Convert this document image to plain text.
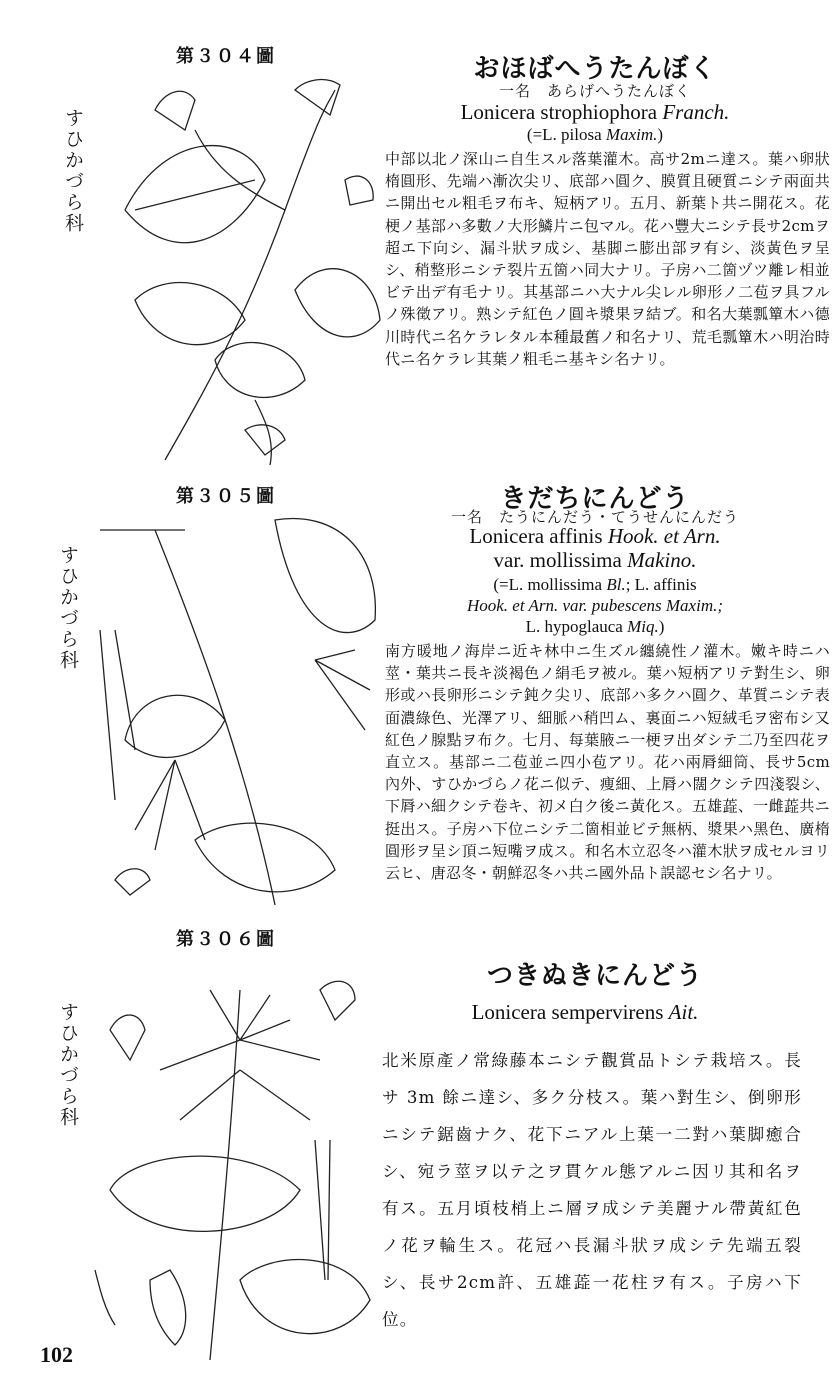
第３０４圖
すひかづら科
おほばへうたんぼく
一名　あらげへうたんぼく
Lonicera strophiophora Franch.
(=L. pilosa Maxim.)
中部以北ノ深山ニ自生スル落葉灌木。高サ2mニ達ス。葉ハ卵狀楕圓形、先端ハ漸次尖リ、底部ハ圓ク、膜質且硬質ニシテ兩面共ニ開出セル粗毛ヲ布キ、短柄アリ。五月、新葉ト共ニ開花ス。花梗ノ基部ハ多數ノ大形鱗片ニ包マル。花ハ豐大ニシテ長サ2cmヲ超エ下向シ、漏斗狀ヲ成シ、基脚ニ膨出部ヲ有シ、淡黃色ヲ呈シ、稍整形ニシテ裂片五箇ハ同大ナリ。子房ハ二箇ヅツ離レ相並ビテ出デ有毛ナリ。其基部ニハ大ナル尖レル卵形ノ二苞ヲ具フルノ殊徵アリ。熟シテ紅色ノ圓キ漿果ヲ結ブ。和名大葉瓢簞木ハ德川時代ニ名ケラレタル本種最舊ノ和名ナリ、荒毛瓢簞木ハ明治時代ニ名ケラレ其葉ノ粗毛ニ基キシ名ナリ。
第３０５圖
すひかづら科
きだちにんどう
一名　たうにんだう・てうせんにんだう
Lonicera affinis Hook. et Arn.
var. mollissima Makino.
(=L. mollissima Bl.; L. affinis
Hook. et Arn. var. pubescens Maxim.;
L. hypoglauca Miq.)
南方暖地ノ海岸ニ近キ林中ニ生ズル纏繞性ノ灌木。嫩キ時ニハ莖・葉共ニ長キ淡褐色ノ絹毛ヲ被ル。葉ハ短柄アリテ對生シ、卵形或ハ長卵形ニシテ鈍ク尖リ、底部ハ多クハ圓ク、革質ニシテ表面濃綠色、光澤アリ、細脈ハ稍凹ム、裏面ニハ短絨毛ヲ密布シ又紅色ノ腺點ヲ布ク。七月、每葉腋ニ一梗ヲ出ダシテ二乃至四花ヲ直立ス。基部ニ二苞並ニ四小苞アリ。花ハ兩脣細筒、長サ5cm內外、すひかづらノ花ニ似テ、痩細、上脣ハ闊クシテ四淺裂シ、下脣ハ細クシテ卷キ、初メ白ク後ニ黃化ス。五雄蕋、一雌蕋共ニ挺出ス。子房ハ下位ニシテ二箇相並ビテ無柄、漿果ハ黑色、廣楕圓形ヲ呈シ頂ニ短嘴ヲ成ス。和名木立忍冬ハ灌木狀ヲ成セルヨリ云ヒ、唐忍冬・朝鮮忍冬ハ共ニ國外品ト誤認セシ名ナリ。
第３０６圖
すひかづら科
つきぬきにんどう
Lonicera sempervirens Ait.
北米原產ノ常綠藤本ニシテ觀賞品トシテ栽培ス。長サ 3m 餘ニ達シ、多ク分枝ス。葉ハ對生シ、倒卵形ニシテ鋸齒ナク、花下ニアル上葉一二對ハ葉脚癒合シ、宛ラ莖ヲ以テ之ヲ貫ケル態アルニ因リ其和名ヲ有ス。五月頃枝梢上ニ層ヲ成シテ美麗ナル帶黃紅色ノ花ヲ輪生ス。花冠ハ長漏斗狀ヲ成シテ先端五裂シ、長サ2cm許、五雄蕋一花柱ヲ有ス。子房ハ下位。
102
